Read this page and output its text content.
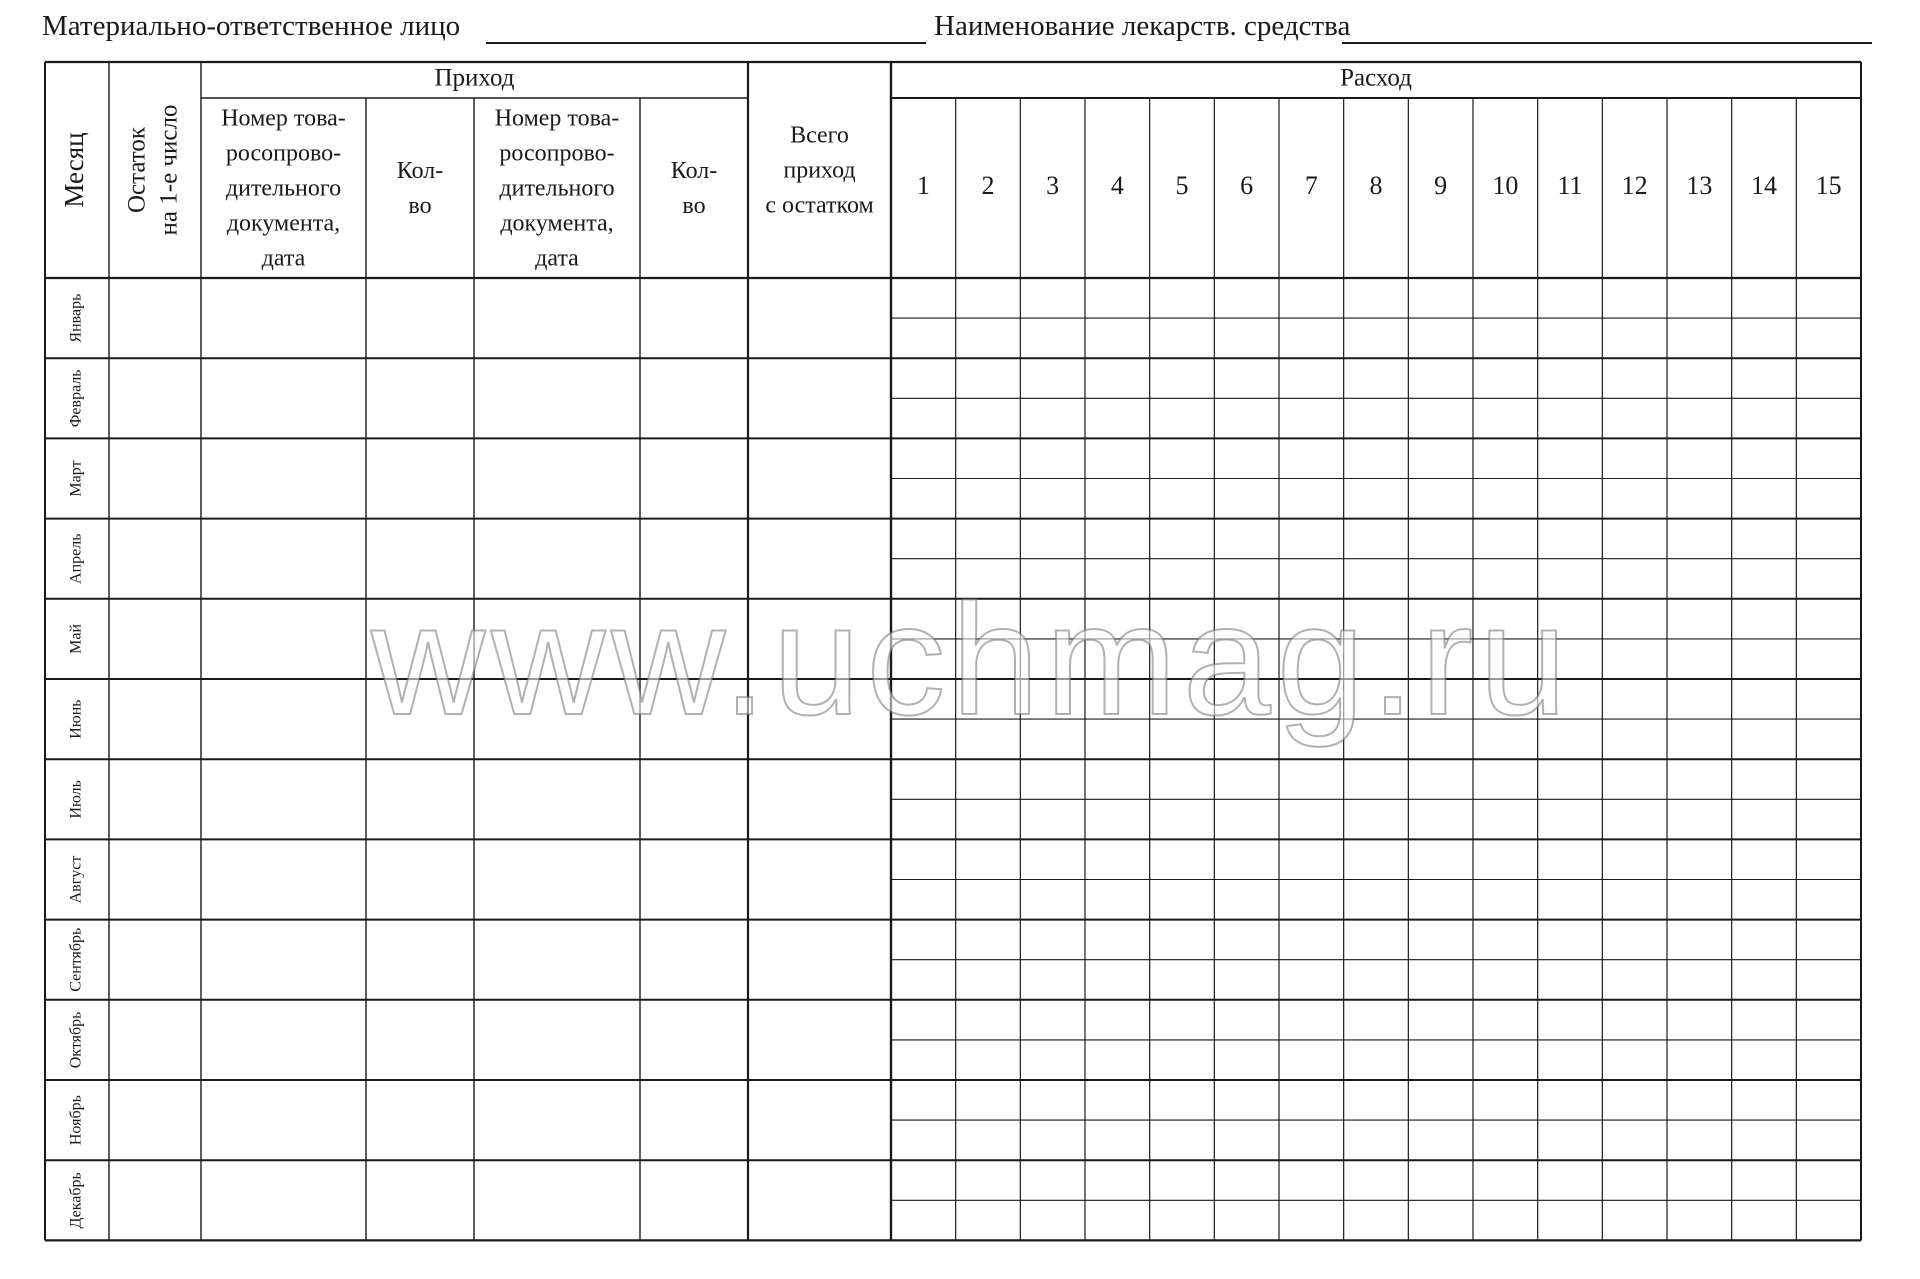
Материально-ответственное лицо	Наименование лекарств. средства
Месяц Остаток на 1-е число
Приход
Номер това-
росопрово-
дительного
документа,
дата
Кол-
во
Номер това-
росопрово-
дительного
документа,
дата
Кол-
во
Всего
приход
с остатком
Расход
1 2 3 4 5 6 7 8 9 10 11 12 13 14 15
Январь
Февраль
Март
Апрель
Май
Июнь
Июль
Август
Сентябрь
Октябрь
Ноябрь
Декабрь
www.uchmag.ru
